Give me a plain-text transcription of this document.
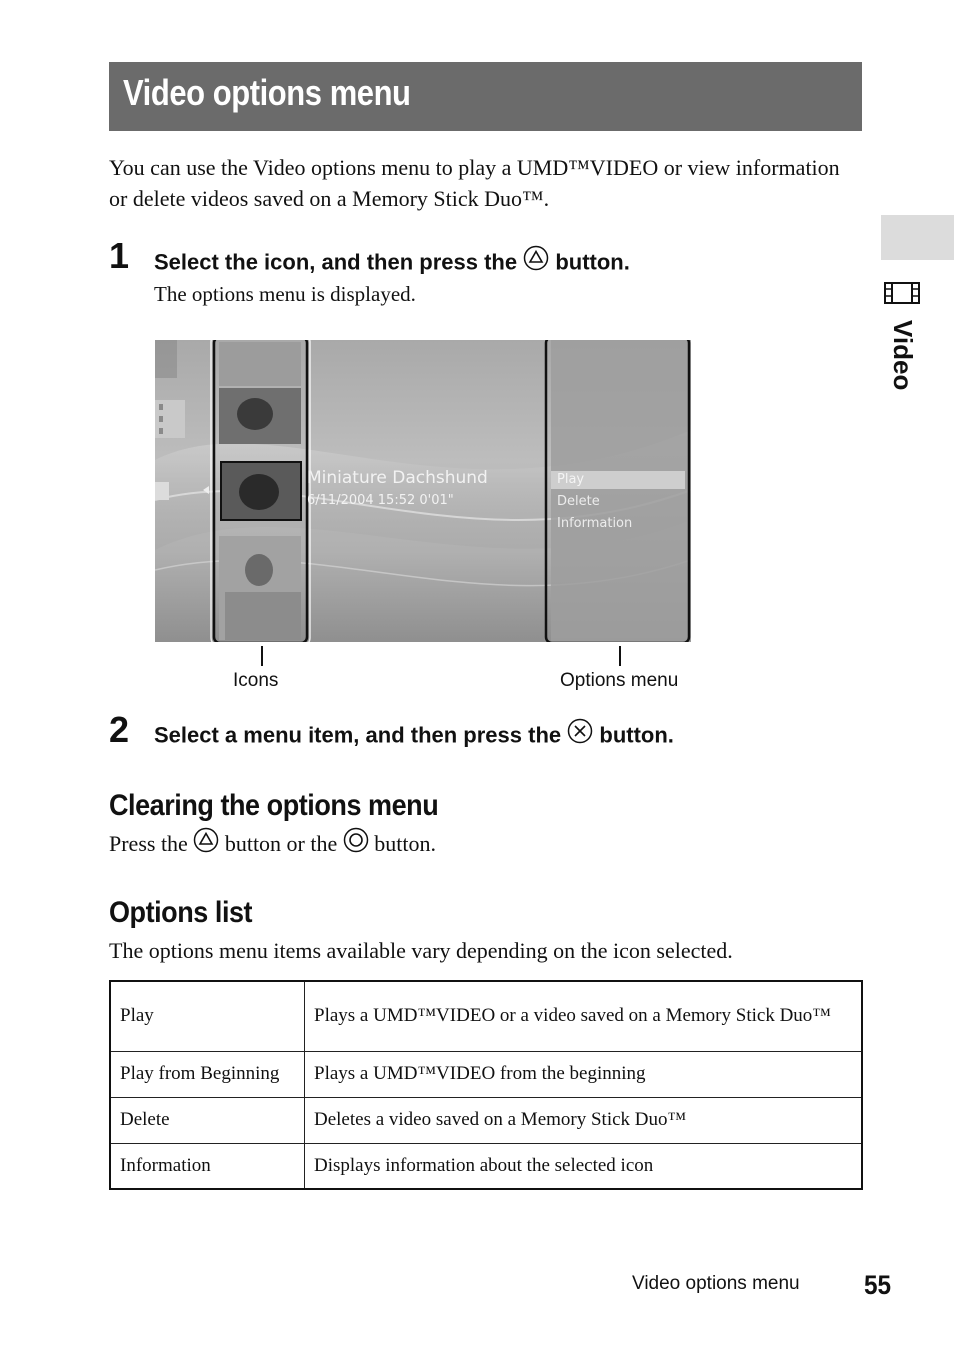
Video options menu
You can use the Video options menu to play a UMD™VIDEO or view information or delete videos saved on a Memory Stick Duo™.
1 Select the icon, and then press the button.
The options menu is displayed.
Miniature Dachshund
6/11/2004 15:52 0'01"
Play
Delete
Information
Icons	Options menu
2 Select a menu item, and then press the button.
Clearing the options menu
Press the button or the button.
Options list
The options menu items available vary depending on the icon selected.
Play	Plays a UMD™VIDEO or a video saved on a Memory Stick Duo™
Play from Beginning	Plays a UMD™VIDEO from the beginning
Delete	Deletes a video saved on a Memory Stick Duo™
Information	Displays information about the selected icon
Video
Video options menu 55
